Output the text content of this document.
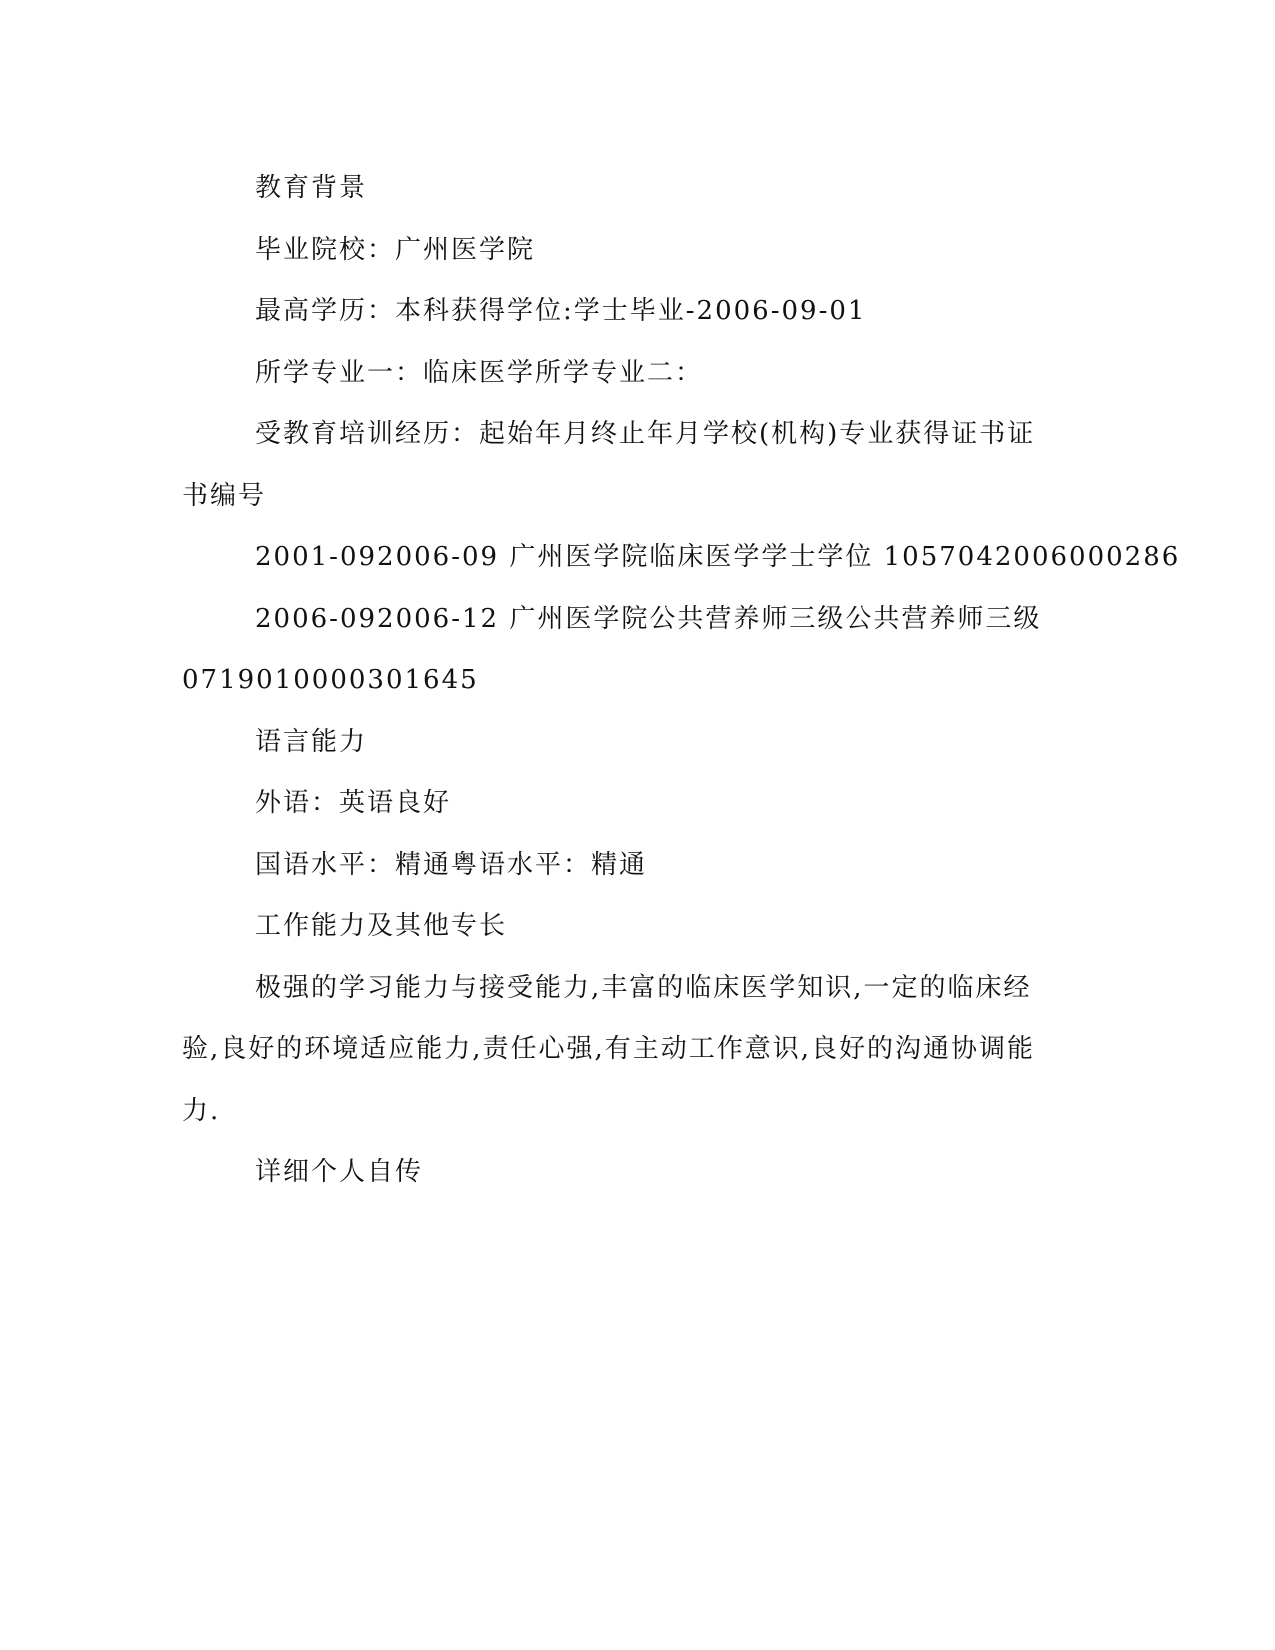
教育背景

毕业院校：广州医学院

最高学历：本科获得学位:学士毕业-2006-09-01

所学专业一：临床医学所学专业二：

受教育培训经历：起始年月终止年月学校(机构)专业获得证书证书编号

2001-092006-09 广州医学院临床医学学士学位 1057042006000286

2006-092006-12 广州医学院公共营养师三级公共营养师三级 0719010000301645

语言能力

外语：英语良好

国语水平：精通粤语水平：精通

工作能力及其他专长

极强的学习能力与接受能力,丰富的临床医学知识,一定的临床经验,良好的环境适应能力,责任心强,有主动工作意识,良好的沟通协调能力.

详细个人自传
